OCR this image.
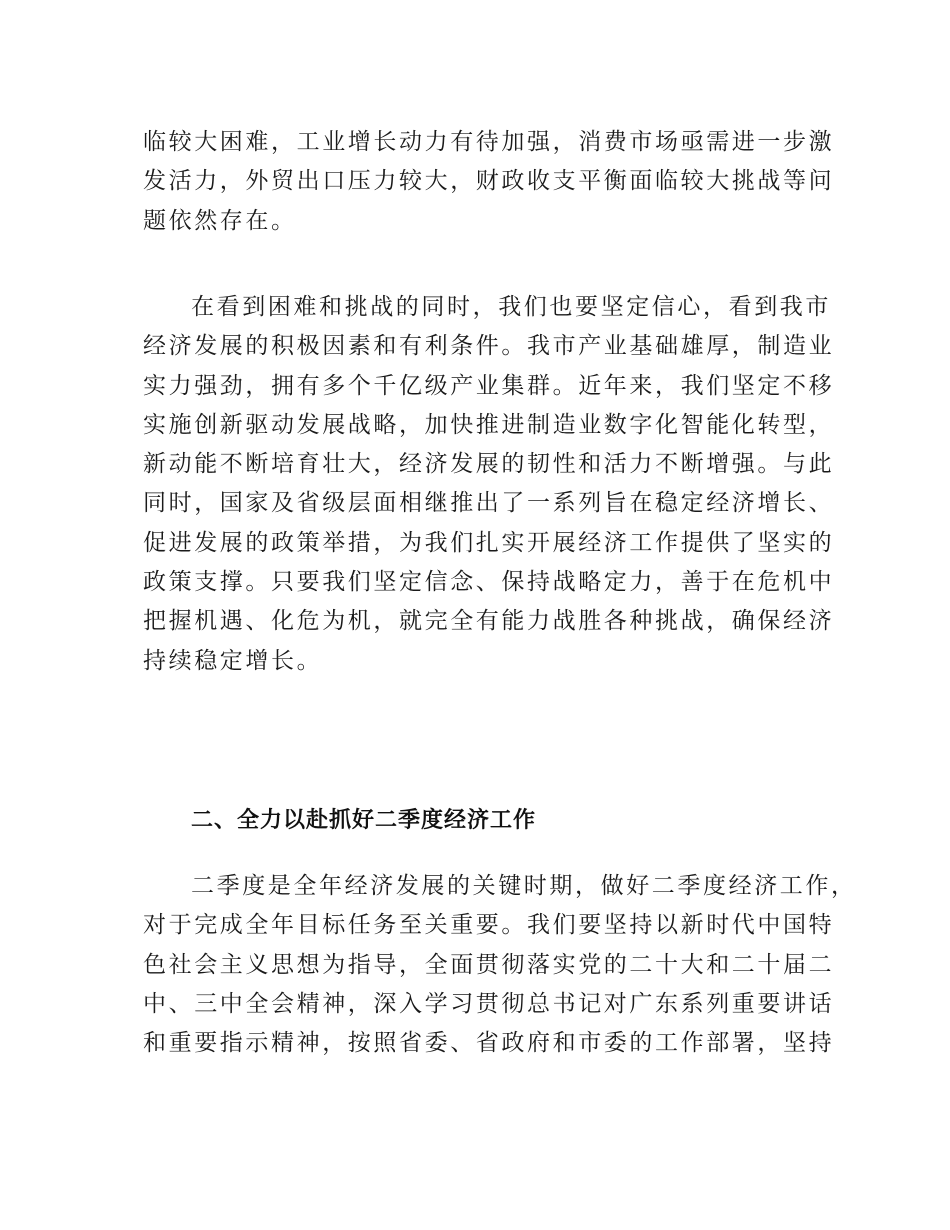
临较大困难，工业增长动力有待加强，消费市场亟需进一步激
发活力，外贸出口压力较大，财政收支平衡面临较大挑战等问
题依然存在。
在看到困难和挑战的同时，我们也要坚定信心，看到我市
经济发展的积极因素和有利条件。我市产业基础雄厚，制造业
实力强劲，拥有多个千亿级产业集群。近年来，我们坚定不移
实施创新驱动发展战略，加快推进制造业数字化智能化转型，
新动能不断培育壮大，经济发展的韧性和活力不断增强。与此
同时，国家及省级层面相继推出了一系列旨在稳定经济增长、
促进发展的政策举措，为我们扎实开展经济工作提供了坚实的
政策支撑。只要我们坚定信念、保持战略定力，善于在危机中
把握机遇、化危为机，就完全有能力战胜各种挑战，确保经济
持续稳定增长。
二、全力以赴抓好二季度经济工作
二季度是全年经济发展的关键时期，做好二季度经济工作，
对于完成全年目标任务至关重要。我们要坚持以新时代中国特
色社会主义思想为指导，全面贯彻落实党的二十大和二十届二
中、三中全会精神，深入学习贯彻总书记对广东系列重要讲话
和重要指示精神，按照省委、省政府和市委的工作部署，坚持
